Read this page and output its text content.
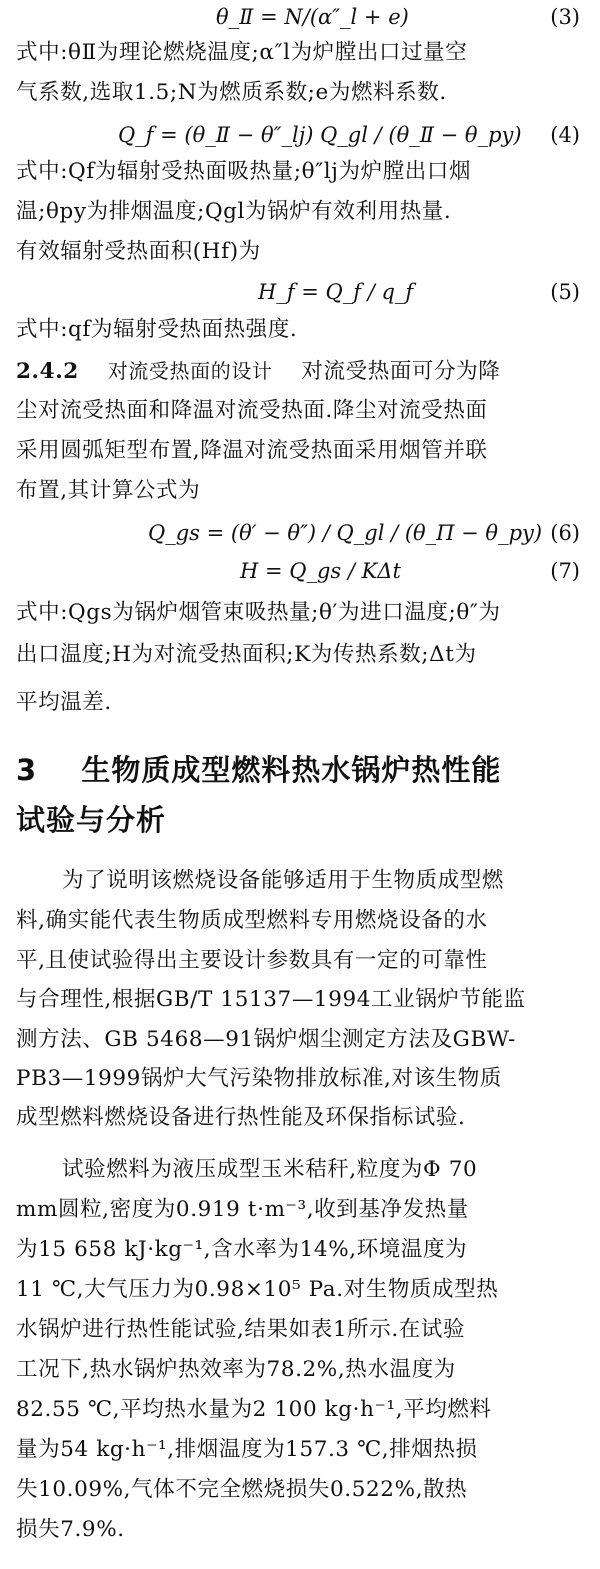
θ_Ⅱ = N/(α″_l + e)	(3)
式中:θⅡ为理论燃烧温度;α″l为炉膛出口过量空
气系数,选取1.5;N为燃质系数;e为燃料系数.
Q_f = (θ_Ⅱ − θ″_lj) Q_gl / (θ_Ⅱ − θ_py) (4)
式中:Qf为辐射受热面吸热量;θ″lj为炉膛出口烟
温;θpy为排烟温度;Qgl为锅炉有效利用热量.
有效辐射受热面积(Hf)为
H_f = Q_f / q_f	(5)
式中:qf为辐射受热面热强度.
2.4.2 对流受热面的设计 对流受热面可分为降
尘对流受热面和降温对流受热面.降尘对流受热面
采用圆弧矩型布置,降温对流受热面采用烟管并联
布置,其计算公式为
Q_gs = (θ′ − θ″) / Q_gl / (θ_Π − θ_py) (6)
H = Q_gs / KΔt	(7)
式中:Qgs为锅炉烟管束吸热量;θ′为进口温度;θ″为
出口温度;H为对流受热面积;K为传热系数;Δt为
平均温差.
3 生物质成型燃料热水锅炉热性能
试验与分析
为了说明该燃烧设备能够适用于生物质成型燃
料,确实能代表生物质成型燃料专用燃烧设备的水
平,且使试验得出主要设计参数具有一定的可靠性
与合理性,根据GB/T 15137—1994工业锅炉节能监
测方法、GB 5468—91锅炉烟尘测定方法及GBW-
PB3—1999锅炉大气污染物排放标准,对该生物质
成型燃料燃烧设备进行热性能及环保指标试验.
试验燃料为液压成型玉米秸秆,粒度为Φ 70
mm圆粒,密度为0.919 t·m⁻³,收到基净发热量
为15 658 kJ·kg⁻¹,含水率为14%,环境温度为
11 ℃,大气压力为0.98×10⁵ Pa.对生物质成型热
水锅炉进行热性能试验,结果如表1所示.在试验
工况下,热水锅炉热效率为78.2%,热水温度为
82.55 ℃,平均热水量为2 100 kg·h⁻¹,平均燃料
量为54 kg·h⁻¹,排烟温度为157.3 ℃,排烟热损
失10.09%,气体不完全燃烧损失0.522%,散热
损失7.9%.
